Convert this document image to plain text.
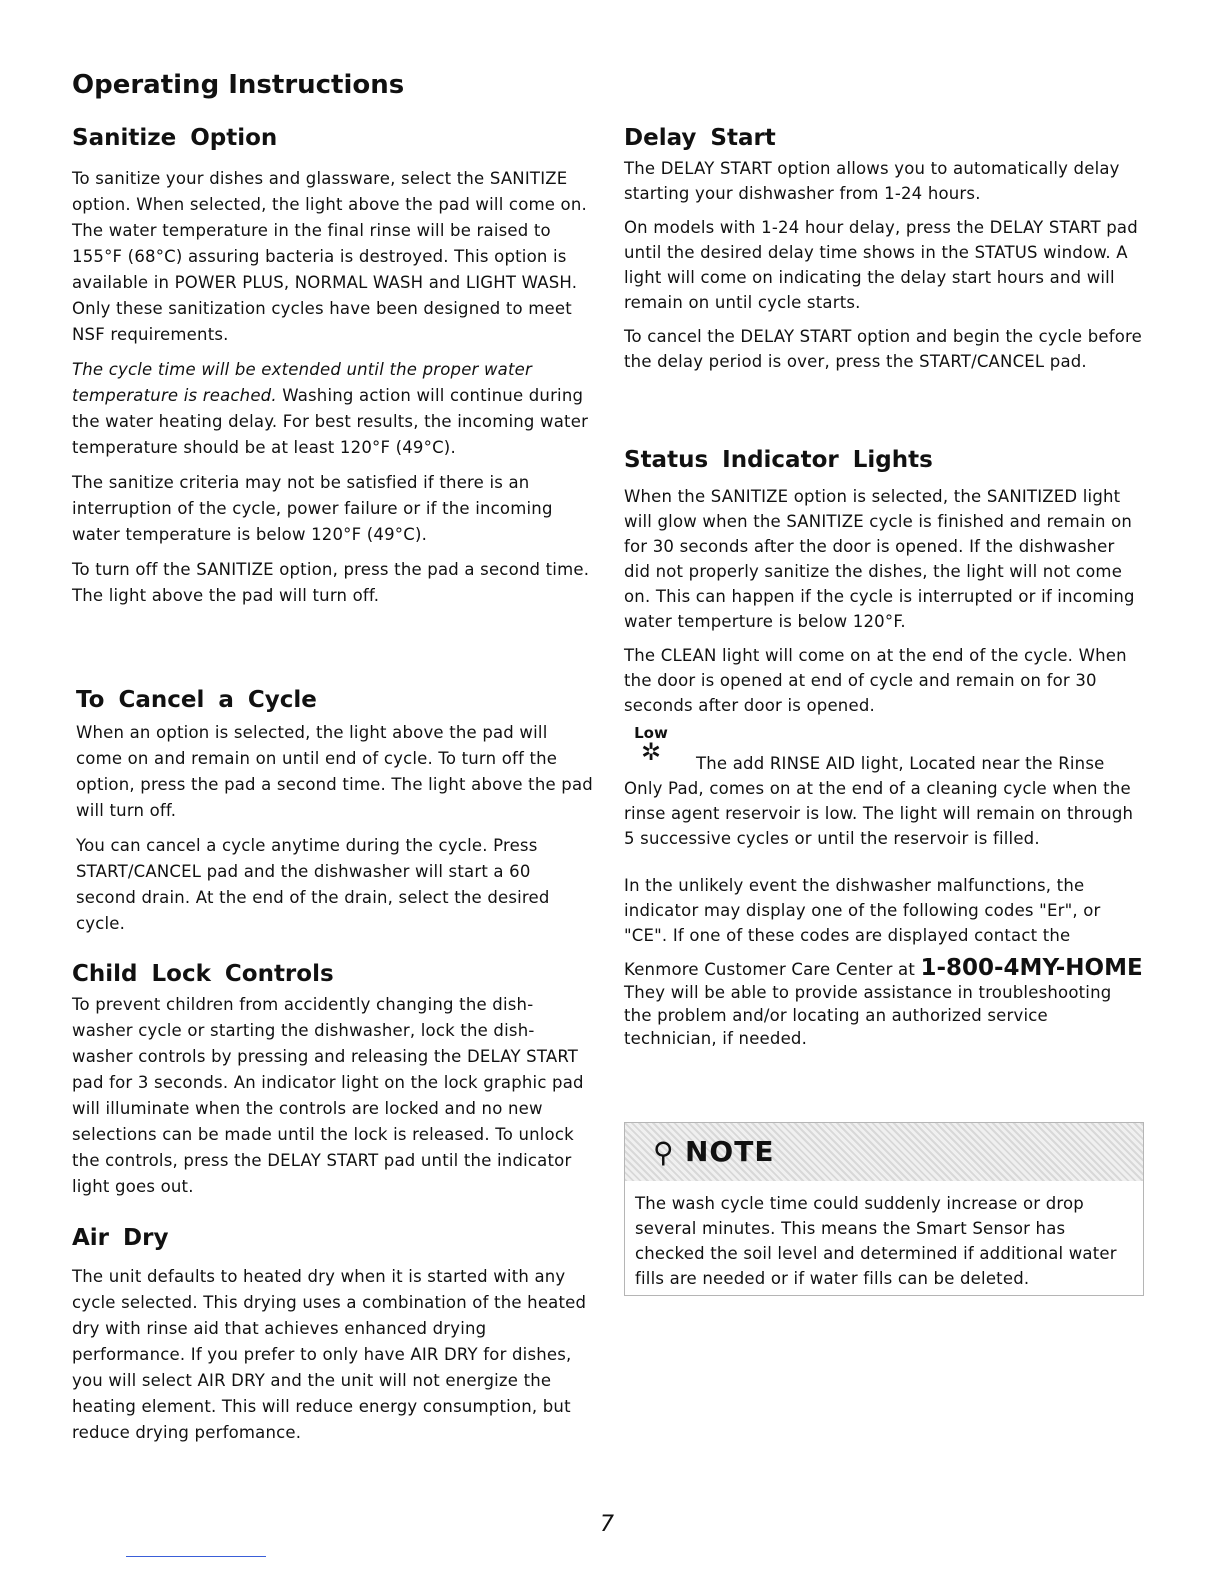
Operating Instructions
Sanitize Option

To sanitize your dishes and glassware, select the SANITIZE option. When selected, the light above the pad will come on. The water temperature in the final rinse will be raised to 155°F (68°C) assuring bacteria is destroyed. This option is available in POWER PLUS, NORMAL WASH and LIGHT WASH. Only these sanitization cycles have been designed to meet NSF requirements.

The cycle time will be extended until the proper water temperature is reached. Washing action will continue during the water heating delay. For best results, the incoming water temperature should be at least 120°F (49°C).

The sanitize criteria may not be satisfied if there is an interruption of the cycle, power failure or if the incoming water temperature is below 120°F (49°C).

To turn off the SANITIZE option, press the pad a second time. The light above the pad will turn off.

To Cancel a Cycle

When an option is selected, the light above the pad will come on and remain on until end of cycle. To turn off the option, press the pad a second time. The light above the pad will turn off.

You can cancel a cycle anytime during the cycle. Press START/CANCEL pad and the dishwasher will start a 60 second drain. At the end of the drain, select the desired cycle.

Child Lock Controls

To prevent children from accidently changing the dish- washer cycle or starting the dishwasher, lock the dish- washer controls by pressing and releasing the DELAY START pad for 3 seconds. An indicator light on the lock graphic pad will illuminate when the controls are locked and no new selections can be made until the lock is released. To unlock the controls, press the DELAY START pad until the indicator light goes out.

Air Dry

The unit defaults to heated dry when it is started with any cycle selected. This drying uses a combination of the heated dry with rinse aid that achieves enhanced drying performance. If you prefer to only have AIR DRY for dishes, you will select AIR DRY and the unit will not energize the heating element. This will reduce energy consumption, but reduce drying perfomance.

Delay Start

The DELAY START option allows you to automatically delay starting your dishwasher from 1-24 hours.

On models with 1-24 hour delay, press the DELAY START pad until the desired delay time shows in the STATUS window. A light will come on indicating the delay start hours and will remain on until cycle starts.

To cancel the DELAY START option and begin the cycle before the delay period is over, press the START/CANCEL pad.

Status Indicator Lights

When the SANITIZE option is selected, the SANITIZED light will glow when the SANITIZE cycle is finished and remain on for 30 seconds after the door is opened. If the dishwasher did not properly sanitize the dishes, the light will not come on. This can happen if the cycle is interrupted or if incoming water temperture is below 120°F.

The CLEAN light will come on at the end of the cycle. When the door is opened at end of cycle and remain on for 30 seconds after door is opened.

Low
✲	The add RINSE AID light, Located near the Rinse Only Pad, comes on at the end of a cleaning cycle when the rinse agent reservoir is low. The light will remain on through 5 successive cycles or until the reservoir is filled.

In the unlikely event the dishwasher malfunctions, the indicator may display one of the following codes "Er", or "CE". If one of these codes are displayed contact the

Kenmore Customer Care Center at 1-800-4MY-HOME They will be able to provide assistance in troubleshooting the problem and/or locating an authorized service technician, if needed.

⚲ NOTE

The wash cycle time could suddenly increase or drop several minutes. This means the Smart Sensor has checked the soil level and determined if additional water fills are needed or if water fills can be deleted.

7
